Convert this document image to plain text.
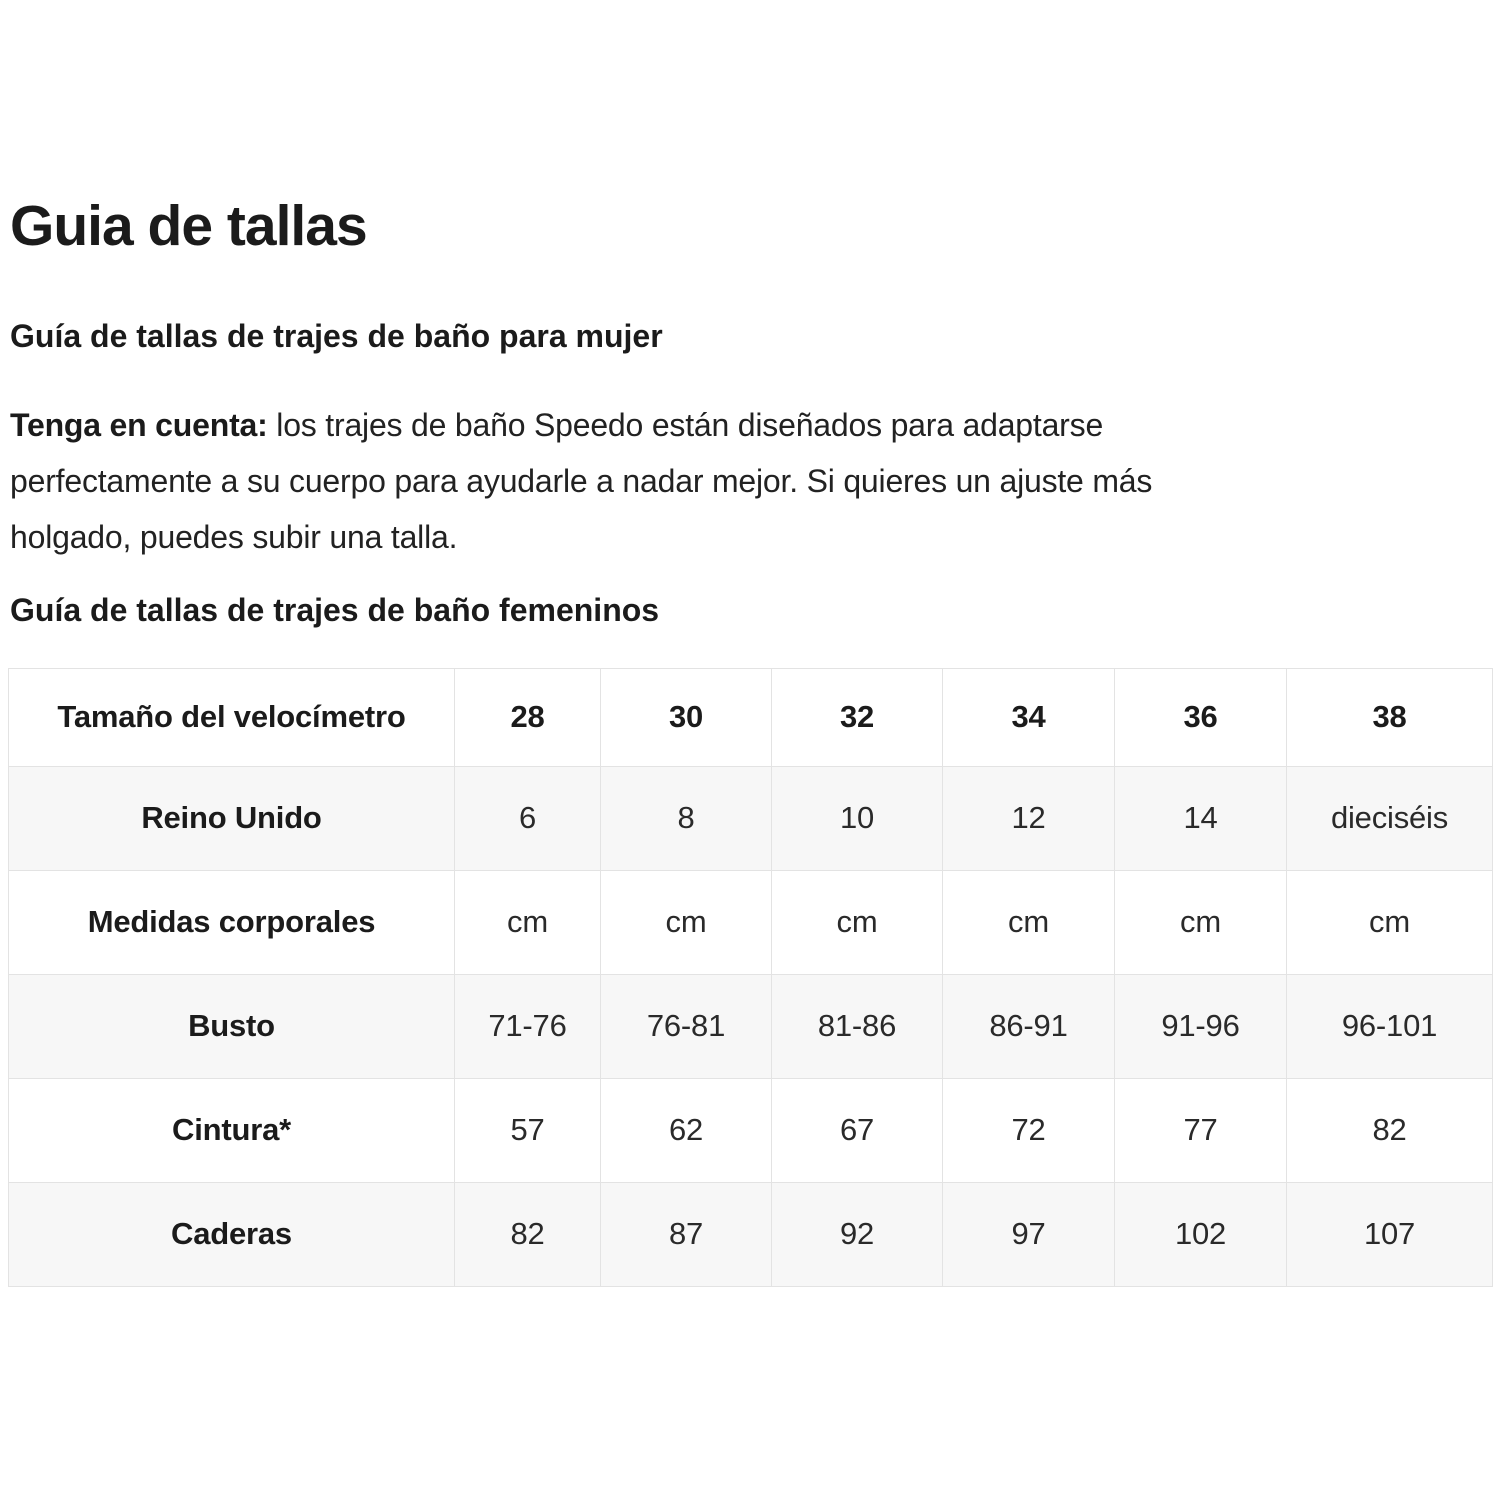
Guia de tallas
Guía de tallas de trajes de baño para mujer

Tenga en cuenta: los trajes de baño Speedo están diseñados para adaptarse
perfectamente a su cuerpo para ayudarle a nadar mejor. Si quieres un ajuste más
holgado, puedes subir una talla.

Guía de tallas de trajes de baño femeninos
Tamaño del velocímetro	28	30	32	34	36	38
Reino Unido	6	8	10	12	14	dieciséis
Medidas corporales	cm	cm	cm	cm	cm	cm
Busto	71-76	76-81	81-86	86-91	91-96	96-101
Cintura*	57	62	67	72	77	82
Caderas	82	87	92	97	102	107
